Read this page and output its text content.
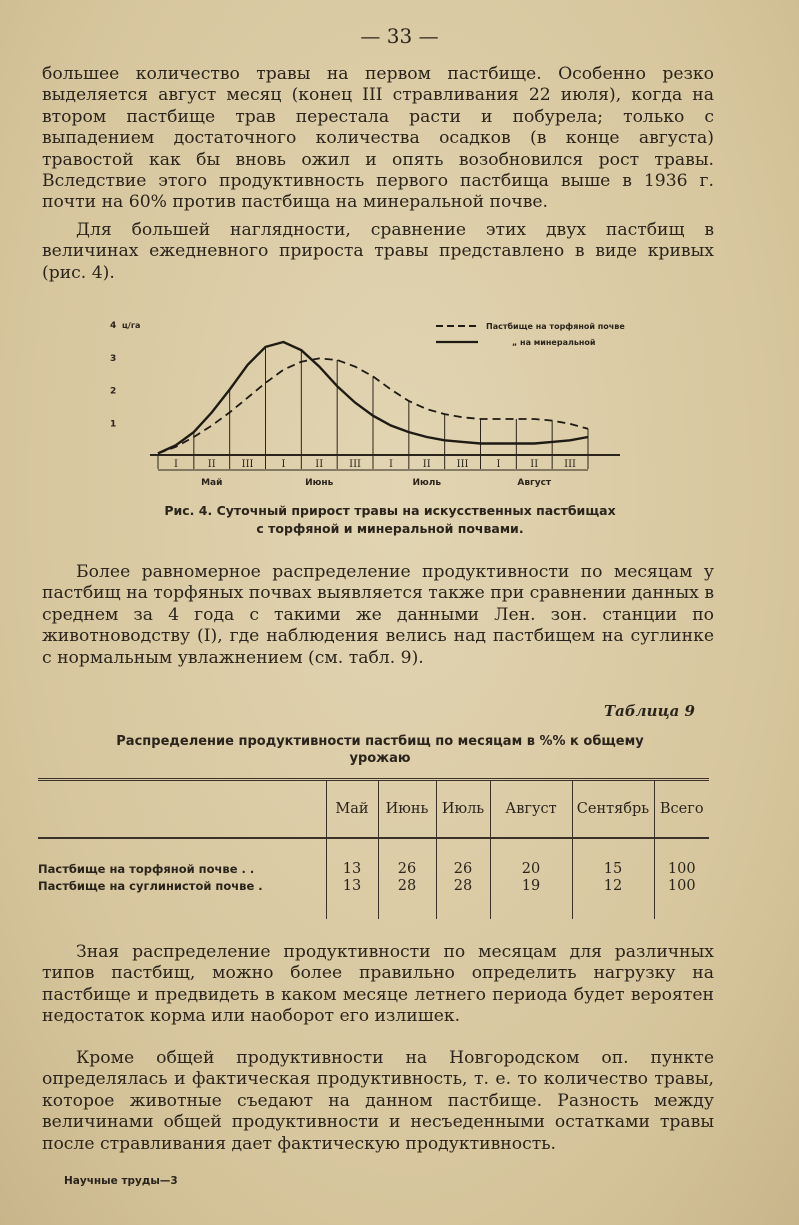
— 33 —

большее количество травы на первом пастбище. Особенно резко выделяется август месяц (конец III стравливания 22 июля), когда на втором пастбище трав перестала расти и побурела; только с выпадением достаточного количества осадков (в конце августа) травостой как бы вновь ожил и опять возобновился рост травы. Вследствие этого продуктивность первого пастбища выше в 1936 г. почти на 60% против пастбища на минеральной почве.

Для большей наглядности, сравнение этих двух пастбищ в величинах ежедневного прироста травы представлено в виде кривых (рис. 4).

1
2
3
4 ц/га
I	II	III	I	II	III	I	II	III	I	II	III
Май	Июнь	Июль	Август
Пастбище на торфяной почве
„ на минеральной
Рис. 4. Суточный прирост травы на искусственных пастбищах
с торфяной и минеральной почвами.

Более равномерное распределение продуктивности по месяцам у пастбищ на торфяных почвах выявляется также при сравнении данных в среднем за 4 года с такими же данными Лен. зон. станции по животноводству (I), где наблюдения велись над пастбищем на суглинке с нормальным увлажнением (см. табл. 9).

Таблица 9
Распределение продуктивности пастбищ по месяцам в %% к общему
урожаю
	Май	Июнь	Июль	Август	Сентябрь	Всего

Пастбище на торфяной почве . .	13	26	26	20	15	100
Пастбище на суглинистой почве .	13	28	28	19	12	100

Зная распределение продуктивности по месяцам для различных типов пастбищ, можно более правильно определить нагрузку на пастбище и предвидеть в каком месяце летнего периода будет вероятен недостаток корма или наоборот его излишек.

Кроме общей продуктивности на Новгородском оп. пункте определялась и фактическая продуктивность, т. е. то количество травы, которое животные съедают на данном пастбище. Разность между величинами общей продуктивности и несъеденными остатками травы после стравливания дает фактическую продуктивность.

Научные труды—3
